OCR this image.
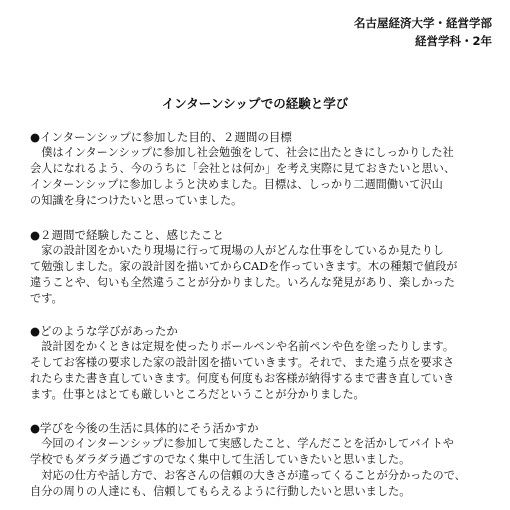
名古屋経済大学・経営学部
経営学科・2年
インターンシップでの経験と学び
●インターンシップに参加した目的、２週間の目標
　僕はインターンシップに参加し社会勉強をして、社会に出たときにしっかりした社
会人になれるよう、今のうちに「会社とは何か」を考え実際に見ておきたいと思い、
インターンシップに参加しようと決めました。目標は、しっかり二週間働いて沢山
の知識を身につけたいと思っていました。
●２週間で経験したこと、感じたこと
　家の設計図をかいたり現場に行って現場の人がどんな仕事をしているか見たりし
て勉強しました。家の設計図を描いてからCADを作っていきます。木の種類で値段が
違うことや、匂いも全然違うことが分かりました。いろんな発見があり、楽しかった
です。
●どのような学びがあったか
　設計図をかくときは定規を使ったりボールペンや名前ペンや色を塗ったりします。
そしてお客様の要求した家の設計図を描いていきます。それで、また違う点を要求さ
れたらまた書き直していきます。何度も何度もお客様が納得するまで書き直していき
ます。仕事とはとても厳しいところだということが分かりました。
●学びを今後の生活に具体的にそう活かすか
　今回のインターンシップに参加して実感したこと、学んだことを活かしてバイトや
学校でもダラダラ過ごすのでなく集中して生活していきたいと思いました。
　対応の仕方や話し方で、お客さんの信頼の大きさが違ってくることが分かったので、
自分の周りの人達にも、信頼してもらえるように行動したいと思いました。
